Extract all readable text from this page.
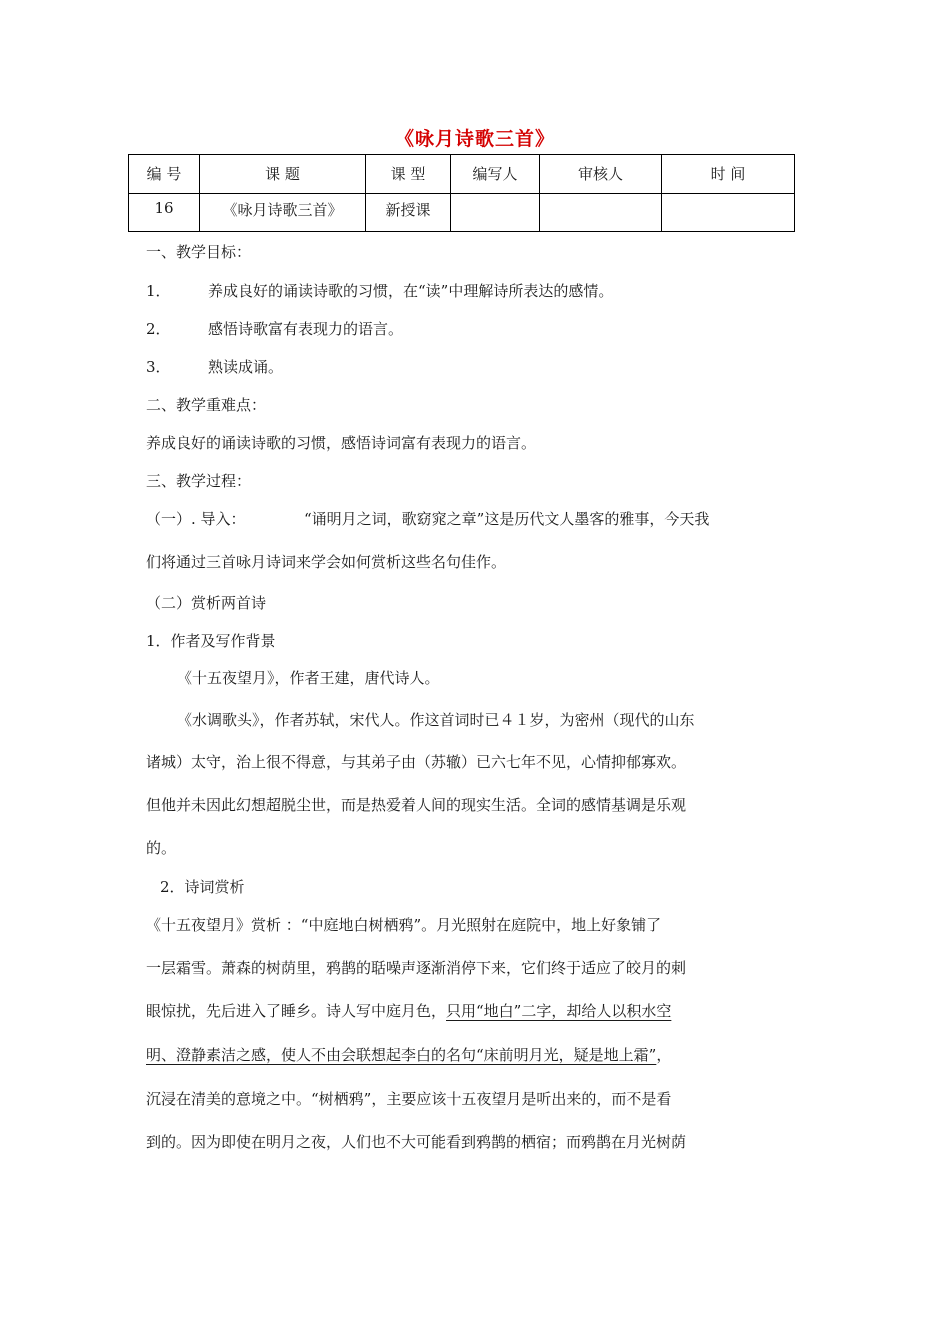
《咏月诗歌三首》
编 号	课 题	课 型	编写人	审核人	时 间
16	《咏月诗歌三首》	新授课			
一、教学目标：
1． 养成良好的诵读诗歌的习惯，在“读”中理解诗所表达的感情。
2． 感悟诗歌富有表现力的语言。
3． 熟读成诵。
二、教学重难点：
养成良好的诵读诗歌的习惯，感悟诗词富有表现力的语言。
三、教学过程：
（一）. 导入：	“诵明月之词，歌窈窕之章”这是历代文人墨客的雅事，今天我
们将通过三首咏月诗词来学会如何赏析这些名句佳作。
（二）赏析两首诗
1．作者及写作背景
《十五夜望月》，作者王建，唐代诗人。
《水调歌头》，作者苏轼，宋代人。作这首词时已４１岁，为密州（现代的山东
诸城）太守，治上很不得意，与其弟子由（苏辙）已六七年不见，心情抑郁寡欢。
但他并未因此幻想超脱尘世，而是热爱着人间的现实生活。全词的感情基调是乐观
的。
2．诗词赏析
《十五夜望月》赏析 ：“中庭地白树栖鸦”。月光照射在庭院中，地上好象铺了
一层霜雪。萧森的树荫里，鸦鹊的聒噪声逐渐消停下来，它们终于适应了皎月的刺
眼惊扰，先后进入了睡乡。诗人写中庭月色，只用“地白”二字，却给人以积水空
明、澄静素洁之感，使人不由会联想起李白的名句“床前明月光，疑是地上霜”，
沉浸在清美的意境之中。“树栖鸦”，主要应该十五夜望月是听出来的，而不是看
到的。因为即使在明月之夜，人们也不大可能看到鸦鹊的栖宿；而鸦鹊在月光树荫
